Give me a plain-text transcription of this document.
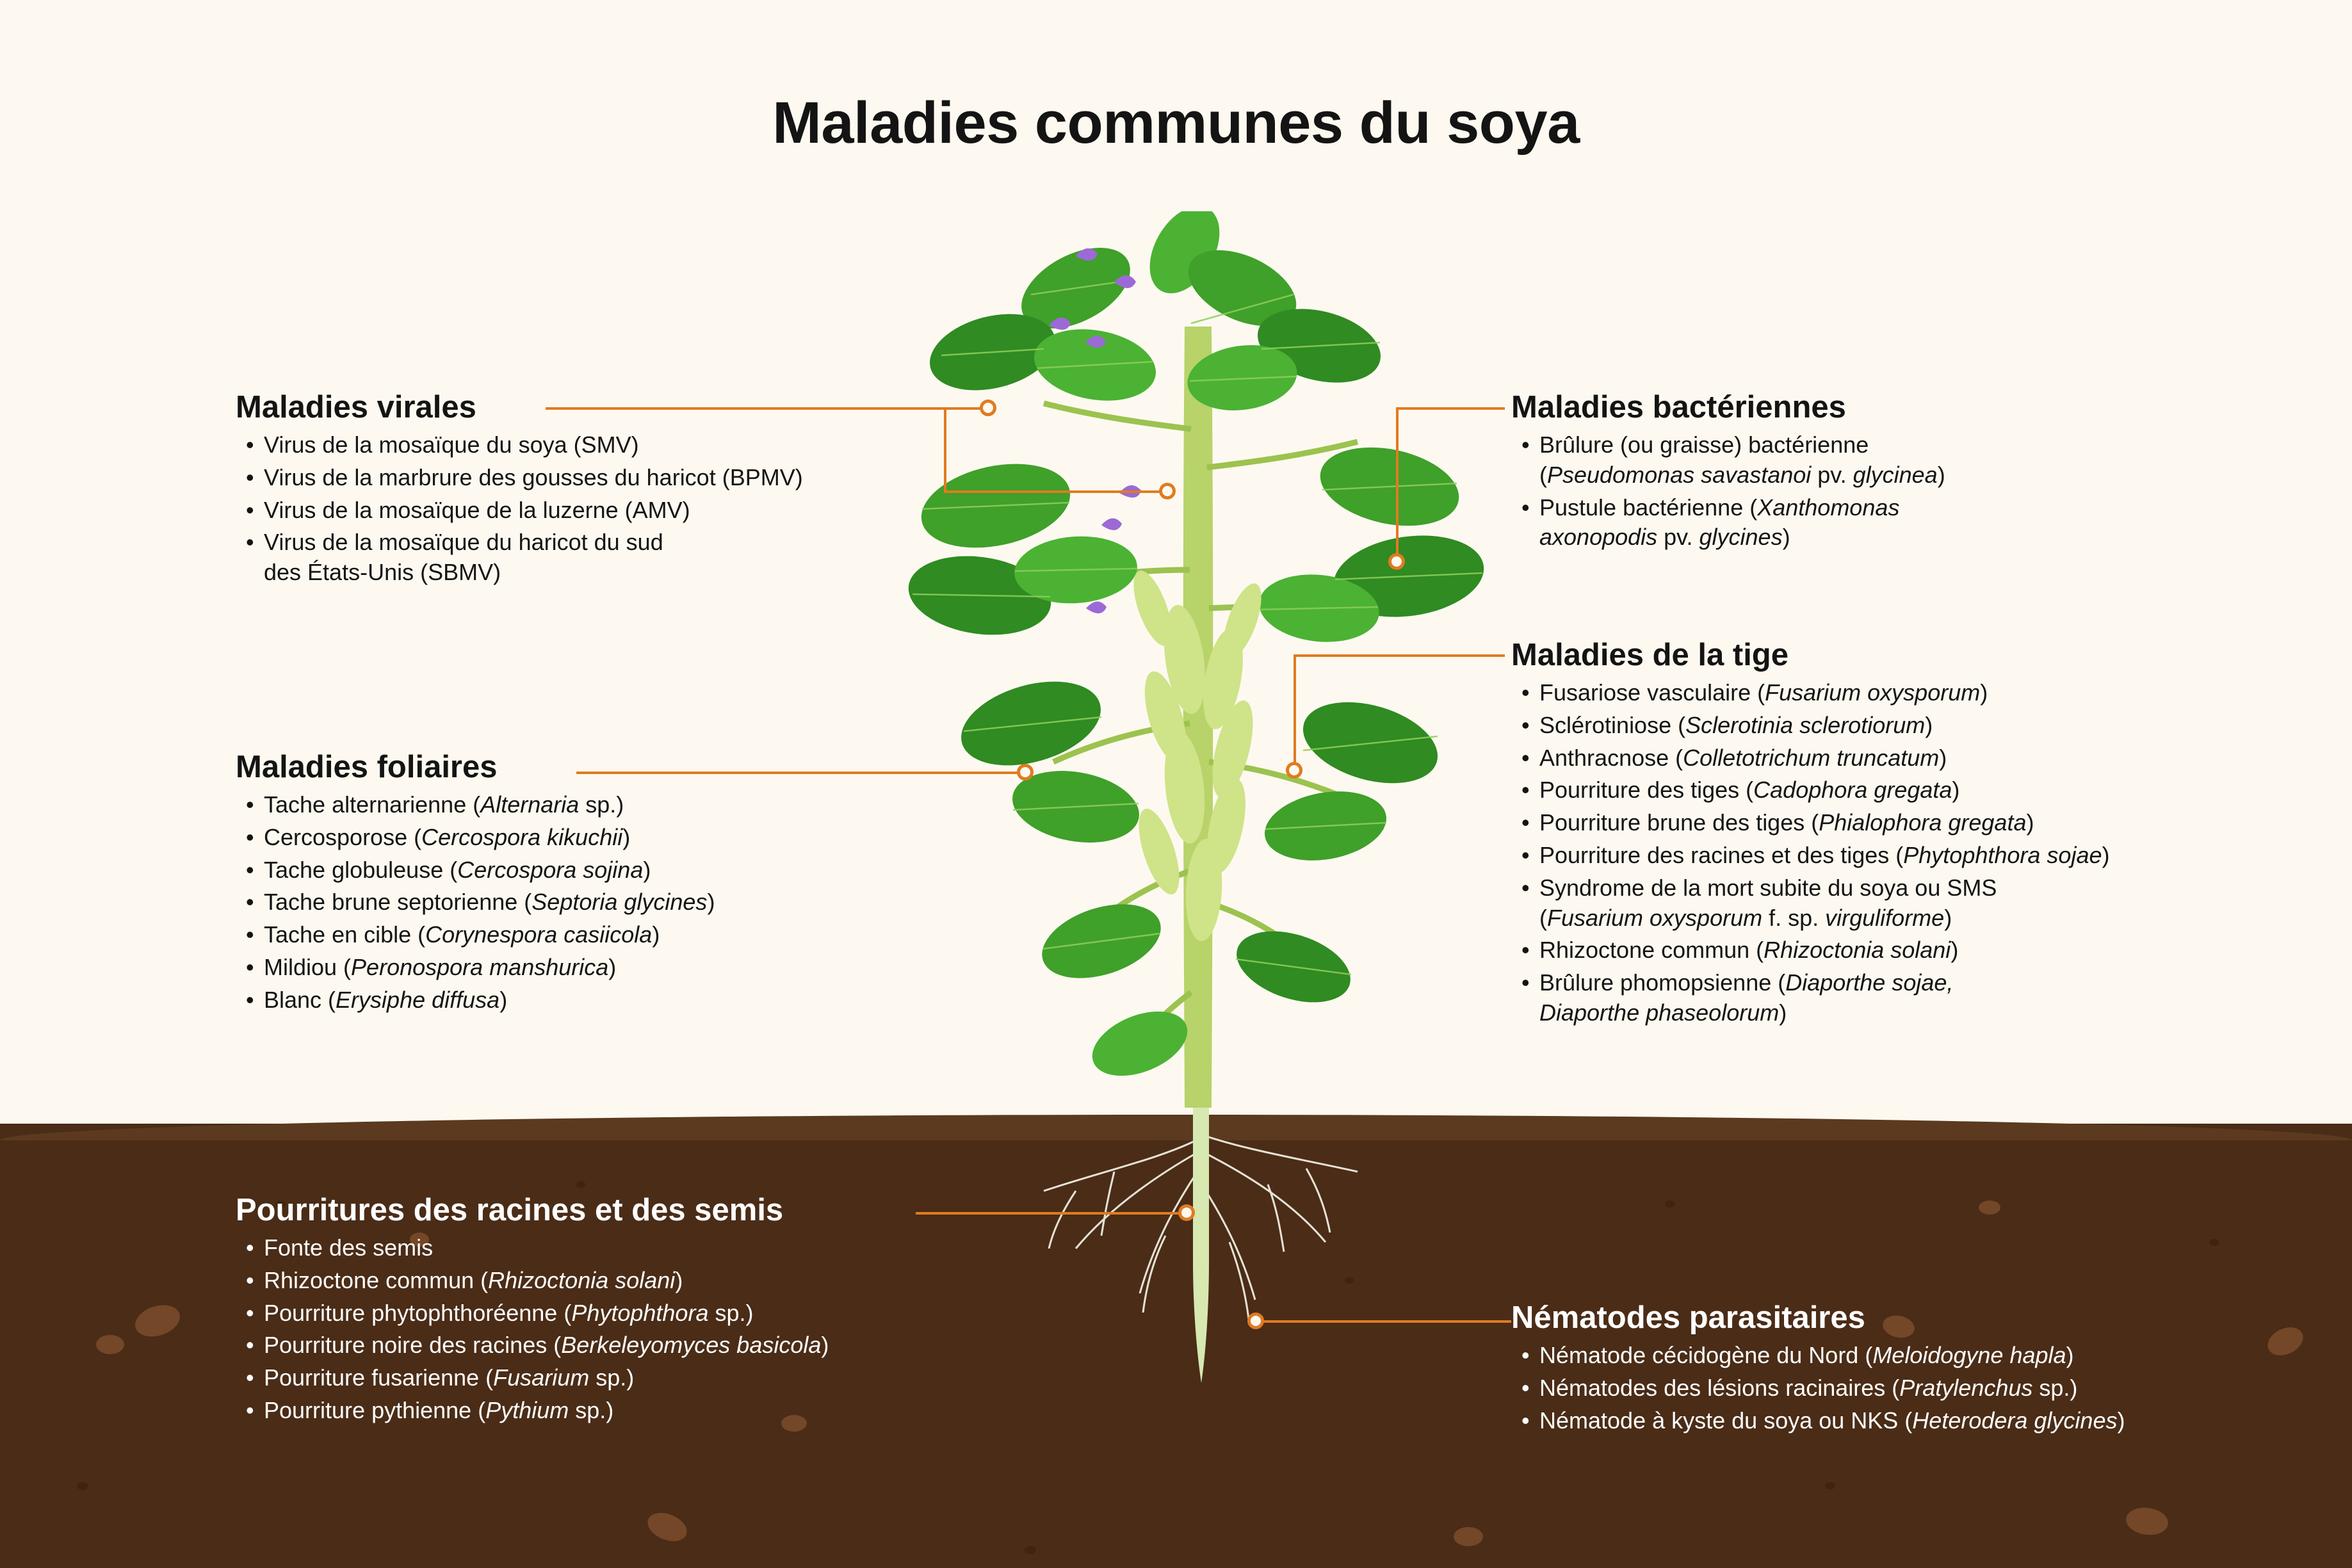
Maladies communes du soya
Maladies virales
• Virus de la mosaïque du soya (SMV)
• Virus de la marbrure des gousses du haricot (BPMV)
• Virus de la mosaïque de la luzerne (AMV)
• Virus de la mosaïque du haricot du sud
des États-Unis (SBMV)
Maladies foliaires
• Tache alternarienne (Alternaria sp.)
• Cercosporose (Cercospora kikuchii)
• Tache globuleuse (Cercospora sojina)
• Tache brune septorienne (Septoria glycines)
• Tache en cible (Corynespora casiicola)
• Mildiou (Peronospora manshurica)
• Blanc (Erysiphe diffusa)
Maladies bactériennes
• Brûlure (ou graisse) bactérienne
(Pseudomonas savastanoi pv. glycinea)
• Pustule bactérienne (Xanthomonas
axonopodis pv. glycines)
Maladies de la tige
• Fusariose vasculaire (Fusarium oxysporum)
• Sclérotiniose (Sclerotinia sclerotiorum)
• Anthracnose (Colletotrichum truncatum)
• Pourriture des tiges (Cadophora gregata)
• Pourriture brune des tiges (Phialophora gregata)
• Pourriture des racines et des tiges (Phytophthora sojae)
• Syndrome de la mort subite du soya ou SMS
(Fusarium oxysporum f. sp. virguliforme)
• Rhizoctone commun (Rhizoctonia solani)
• Brûlure phomopsienne (Diaporthe sojae,
Diaporthe phaseolorum)
Pourritures des racines et des semis
• Fonte des semis
• Rhizoctone commun (Rhizoctonia solani)
• Pourriture phytophthoréenne (Phytophthora sp.)
• Pourriture noire des racines (Berkeleyomyces basicola)
• Pourriture fusarienne (Fusarium sp.)
• Pourriture pythienne (Pythium sp.)
Nématodes parasitaires
• Nématode cécidogène du Nord (Meloidogyne hapla)
• Nématodes des lésions racinaires (Pratylenchus sp.)
• Nématode à kyste du soya ou NKS (Heterodera glycines)
